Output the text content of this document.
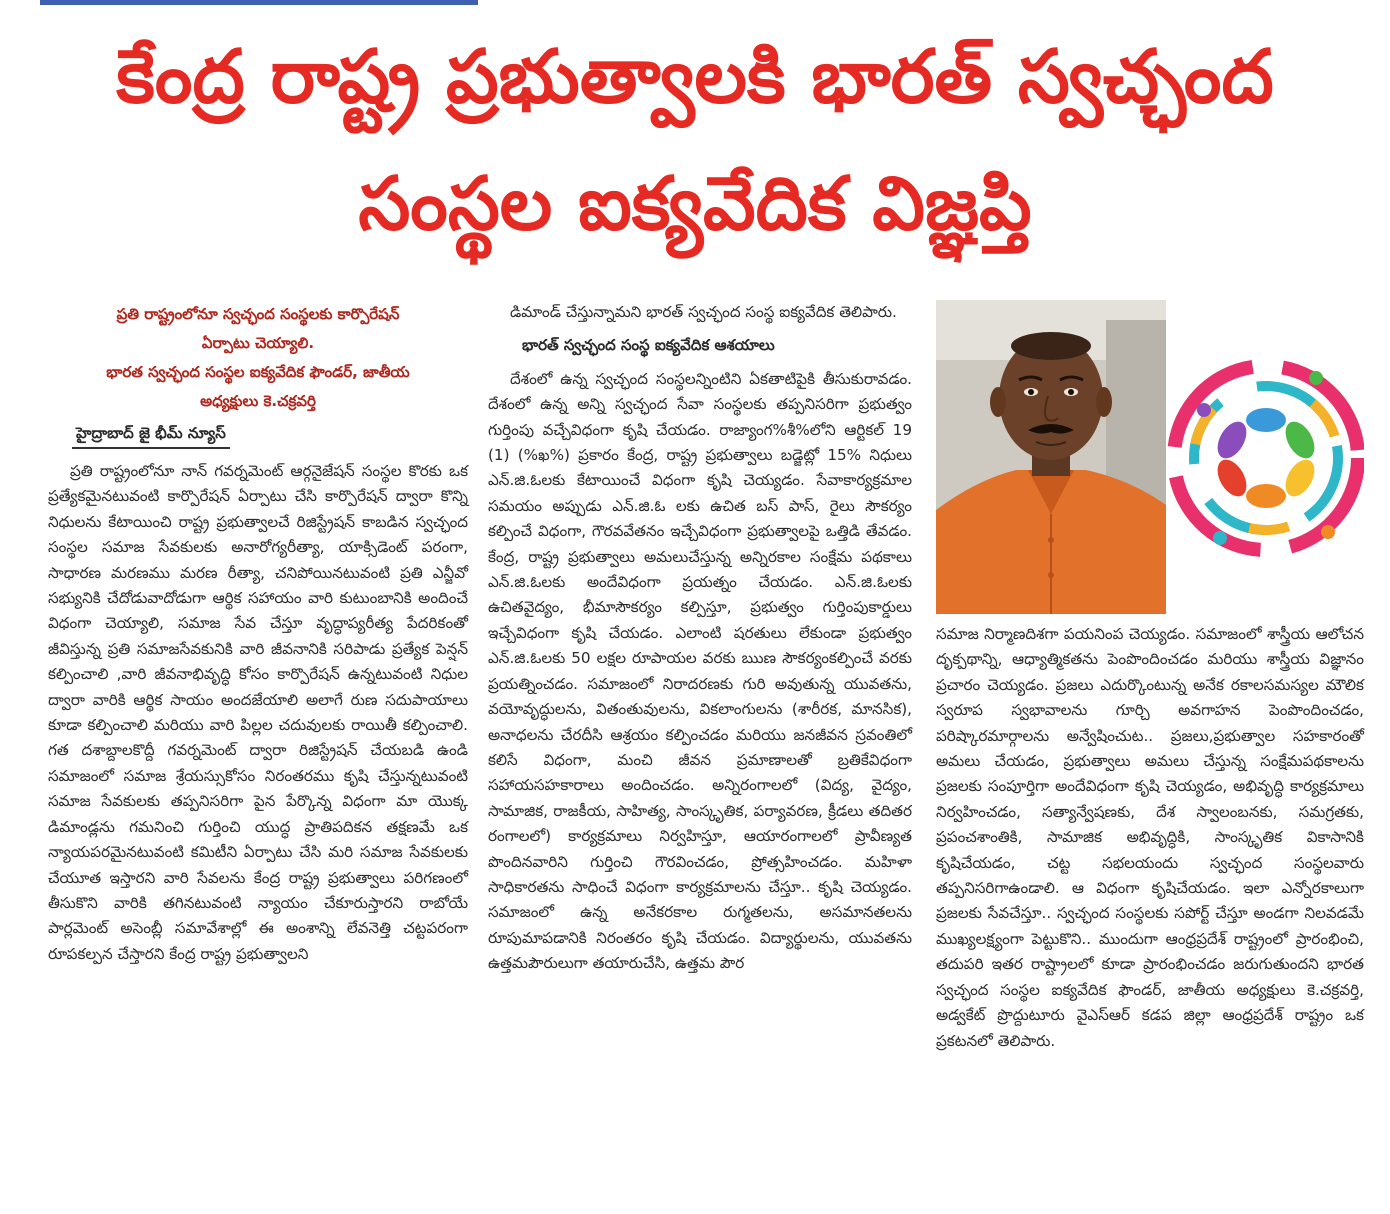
కేంద్ర రాష్ట్ర ప్రభుత్వాలకి భారత్ స్వచ్ఛంద
సంస్థల ఐక్యవేదిక విజ్ఞప్తి
ప్రతి రాష్ట్రంలోనూ స్వచ్ఛంద సంస్థలకు కార్పొరేషన్
ఏర్పాటు చెయ్యాలి.
భారత స్వచ్ఛంద సంస్థల ఐక్యవేదిక ఫౌండర్, జాతీయ
అధ్యక్షులు కె.చక్రవర్తి
హైద్రాబాద్ జై భీమ్ న్యూస్

ప్రతి రాష్ట్రంలోనూ నాన్ గవర్నమెంట్ ఆర్గనైజేషన్ సంస్థల కొరకు ఒక ప్రత్యేకమైనటువంటి కార్పొరేషన్ ఏర్పాటు చేసి కార్పొరేషన్ ద్వారా కొన్ని నిధులను కేటాయించి రాష్ట్ర ప్రభుత్వాలచే రిజిస్ట్రేషన్ కాబడిన స్వచ్ఛంద సంస్థల సమాజ సేవకులకు అనారోగ్యరీత్యా, యాక్సిడెంట్ పరంగా, సాధారణ మరణము మరణ రీత్యా, చనిపోయినటువంటి ప్రతి ఎన్జీవో సభ్యునికి చేదోడువాదోడుగా ఆర్థిక సహాయం వారి కుటుంబానికి అందించే విధంగా చెయ్యాలి, సమాజ సేవ చేస్తూ వృద్ధాప్యరీత్య పేదరికంతో జీవిస్తున్న ప్రతి సమాజసేవకునికి వారి జీవనానికి సరిపాడు ప్రత్యేక పెన్షన్ కల్పించాలి ,వారి జీవనాభివృద్ధి కోసం కార్పొరేషన్ ఉన్నటువంటి నిధుల ద్వారా వారికి ఆర్థిక సాయం అందజేయాలి అలాగే రుణ సదుపాయాలు కూడా కల్పించాలి మరియు వారి పిల్లల చదువులకు రాయితీ కల్పించాలి. గత దశాబ్దాలకొద్దీ గవర్నమెంట్ ద్వారా రిజిస్ట్రేషన్ చేయబడి ఉండి సమాజంలో సమాజ శ్రేయస్సుకోసం నిరంతరము కృషి చేస్తున్నటువంటి సమాజ సేవకులకు తప్పనిసరిగా పైన పేర్కొన్న విధంగా మా యొక్క డిమాండ్లను గమనించి గుర్తించి యుద్ధ ప్రాతిపదికన తక్షణమే ఒక న్యాయపరమైనటువంటి కమిటీని ఏర్పాటు చేసి మరి సమాజ సేవకులకు చేయూత ఇస్తారని వారి సేవలను కేంద్ర రాష్ట్ర ప్రభుత్వాలు పరిగణంలో తీసుకొని వారికి తగినటువంటి న్యాయం చేకూరుస్తారని రాబోయే పార్లమెంట్ అసెంబ్లీ సమావేశాల్లో ఈ అంశాన్ని లేవనెత్తి చట్టపరంగా రూపకల్పన చేస్తారని కేంద్ర రాష్ట్ర ప్రభుత్వాలని

డిమాండ్ చేస్తున్నామని భారత్ స్వచ్ఛంద సంస్థ ఐక్యవేదిక తెలిపారు.

భారత్ స్వచ్ఛంద సంస్థ ఐక్యవేదిక ఆశయాలు

దేశంలో ఉన్న స్వచ్ఛంద సంస్థలన్నింటిని ఏకతాటిపైకి తీసుకురావడం. దేశంలో ఉన్న అన్ని స్వచ్ఛంద సేవా సంస్థలకు తప్పనిసరిగా ప్రభుత్వం గుర్తింపు వచ్చేవిధంగా కృషి చేయడం. రాజ్యాంగ%శీ%లోని ఆర్టికల్ 19 (1) (%ఖ%) ప్రకారం కేంద్ర, రాష్ట్ర ప్రభుత్వాలు బడ్జెట్లో 15% నిధులు ఎన్.జి.ఓలకు కేటాయించే విధంగా కృషి చెయ్యడం. సేవాకార్యక్రమాల సమయం అప్పుడు ఎన్.జి.ఓ లకు ఉచిత బస్ పాస్, రైలు సౌకర్యం కల్పించే విధంగా, గౌరవవేతనం ఇచ్చేవిధంగా ప్రభుత్వాలపై ఒత్తిడి తేవడం. కేంద్ర, రాష్ట్ర ప్రభుత్వాలు అమలుచేస్తున్న అన్నిరకాల సంక్షేమ పథకాలు ఎన్.జి.ఓలకు అందేవిధంగా ప్రయత్నం చేయడం. ఎన్.జి.ఓలకు ఉచితవైద్యం, భీమాసౌకర్యం కల్పిస్తూ, ప్రభుత్వం గుర్తింపుకార్డులు ఇచ్చేవిధంగా కృషి చేయడం. ఎలాంటి షరతులు లేకుండా ప్రభుత్వం ఎన్.జి.ఓలకు 50 లక్షల రూపాయల వరకు ఋణ సౌకర్యంకల్పించే వరకు ప్రయత్నించడం. సమాజంలో నిరాదరణకు గురి అవుతున్న యువతను, వయోవృద్ధులను, వితంతువులను, వికలాంగులను (శారీరక, మానసిక), అనాధలను చేరదీసి ఆశ్రయం కల్పించడం మరియు జనజీవన స్రవంతిలో కలిసే విధంగా, మంచి జీవన ప్రమాణాలతో బ్రతికేవిధంగా సహాయసహకారాలు అందించడం. అన్నిరంగాలలో (విద్య, వైద్యం, సామాజిక, రాజకీయ, సాహిత్య, సాంస్కృతిక, పర్యావరణ, క్రీడలు తదితర రంగాలలో) కార్యక్రమాలు నిర్వహిస్తూ, ఆయారంగాలలో ప్రావీణ్యత పొందినవారిని గుర్తించి గౌరవించడం, ప్రోత్సహించడం. మహిళా సాధికారతను సాధించే విధంగా కార్యక్రమాలను చేస్తూ.. కృషి చెయ్యడం. సమాజంలో ఉన్న అనేకరకాల రుగ్మతలను, అసమానతలను రూపుమాపడానికి నిరంతరం కృషి చేయడం. విద్యార్థులను, యువతను ఉత్తమపౌరులుగా తయారుచేసి, ఉత్తమ పౌర

సమాజ నిర్మాణదిశగా పయనింప చెయ్యడం. సమాజంలో శాస్త్రీయ ఆలోచన దృక్పథాన్ని, ఆధ్యాత్మికతను పెంపొందించడం మరియు శాస్త్రీయ విజ్ఞానం ప్రచారం చెయ్యడం. ప్రజలు ఎదుర్కొంటున్న అనేక రకాలసమస్యల మౌలిక స్వరూప స్వభావాలను గూర్చి అవగాహన పెంపొందించడం, పరిష్కారమార్గాలను అన్వేషించుట.. ప్రజలు,ప్రభుత్వాల సహకారంతో అమలు చేయడం, ప్రభుత్వాలు అమలు చేస్తున్న సంక్షేమపథకాలను ప్రజలకు సంపూర్తిగా అందేవిధంగా కృషి చెయ్యడం, అభివృద్ధి కార్యక్రమాలు నిర్వహించడం, సత్యాన్వేషణకు, దేశ స్వాలంబనకు, సమగ్రతకు, ప్రపంచశాంతికి, సామాజిక అభివృద్ధికి, సాంస్కృతిక వికాసానికి కృషిచేయడం, చట్ట సభలయందు స్వచ్ఛంద సంస్థలవారు తప్పనిసరిగాఉండాలి. ఆ విధంగా కృషిచేయడం. ఇలా ఎన్నోరకాలుగా ప్రజలకు సేవచేస్తూ.. స్వచ్ఛంద సంస్థలకు సపోర్ట్ చేస్తూ అండగా నిలవడమే ముఖ్యలక్ష్యంగా పెట్టుకొని.. ముందుగా ఆంధ్రప్రదేశ్ రాష్ట్రంలో ప్రారంభించి, తదుపరి ఇతర రాష్ట్రాలలో కూడా ప్రారంభించడం జరుగుతుందని భారత స్వచ్ఛంద సంస్థల ఐక్యవేదిక ఫౌండర్, జాతీయ అధ్యక్షులు కె.చక్రవర్తి, అడ్వకేట్ ప్రొద్దుటూరు వైఎస్ఆర్ కడప జిల్లా ఆంధ్రప్రదేశ్ రాష్ట్రం ఒక ప్రకటనలో తెలిపారు.
